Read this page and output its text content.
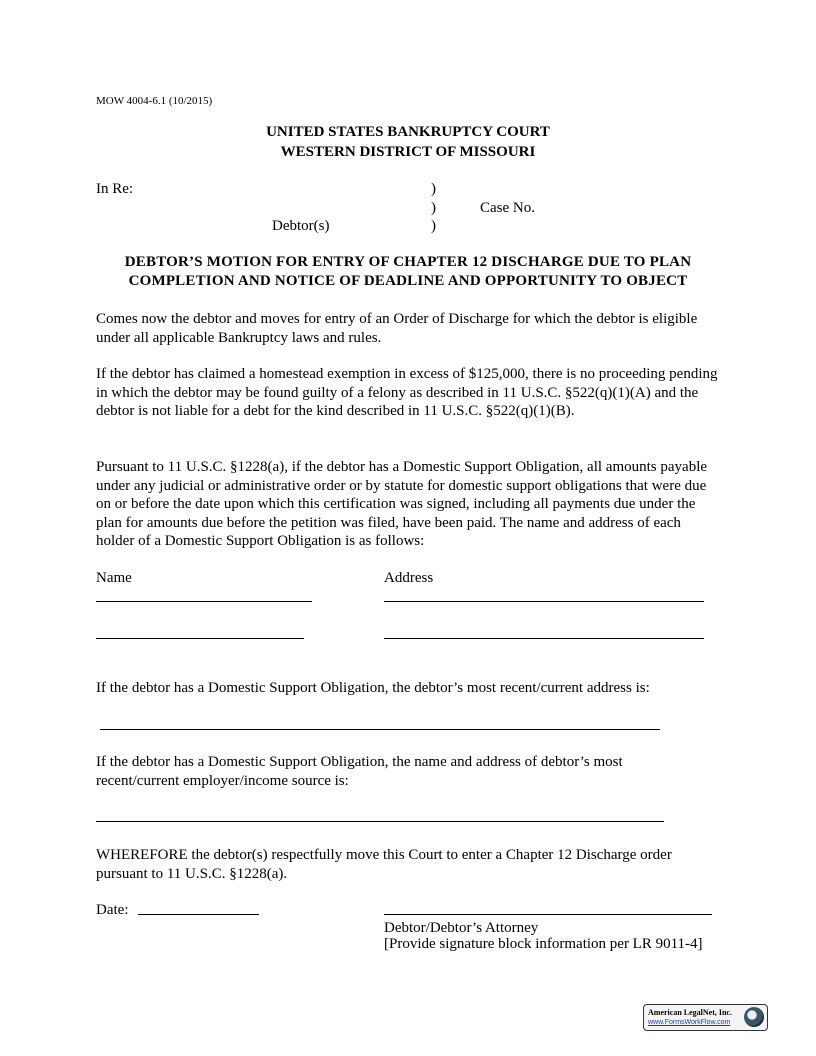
MOW 4004-6.1 (10/2015)
UNITED STATES BANKRUPTCY COURT
WESTERN DISTRICT OF MISSOURI
In Re:	)
)
)
Case No.
Debtor(s)
DEBTOR’S MOTION FOR ENTRY OF CHAPTER 12 DISCHARGE DUE TO PLAN
COMPLETION AND NOTICE OF DEADLINE AND OPPORTUNITY TO OBJECT
Comes now the debtor and moves for entry of an Order of Discharge for which the debtor is eligible under all applicable Bankruptcy laws and rules.
If the debtor has claimed a homestead exemption in excess of $125,000, there is no proceeding pending in which the debtor may be found guilty of a felony as described in 11 U.S.C. §522(q)(1)(A) and the debtor is not liable for a debt for the kind described in 11 U.S.C. §522(q)(1)(B).
Pursuant to 11 U.S.C. §1228(a), if the debtor has a Domestic Support Obligation, all amounts payable under any judicial or administrative order or by statute for domestic support obligations that were due on or before the date upon which this certification was signed, including all payments due under the plan for amounts due before the petition was filed, have been paid. The name and address of each holder of a Domestic Support Obligation is as follows:
Name	Address
If the debtor has a Domestic Support Obligation, the debtor’s most recent/current address is:
If the debtor has a Domestic Support Obligation, the name and address of debtor’s most recent/current employer/income source is:
WHEREFORE the debtor(s) respectfully move this Court to enter a Chapter 12 Discharge order pursuant to 11 U.S.C. §1228(a).
Date:
Debtor/Debtor’s Attorney
[Provide signature block information per LR 9011-4]
American LegalNet, Inc.
www.FormsWorkFlow.com
